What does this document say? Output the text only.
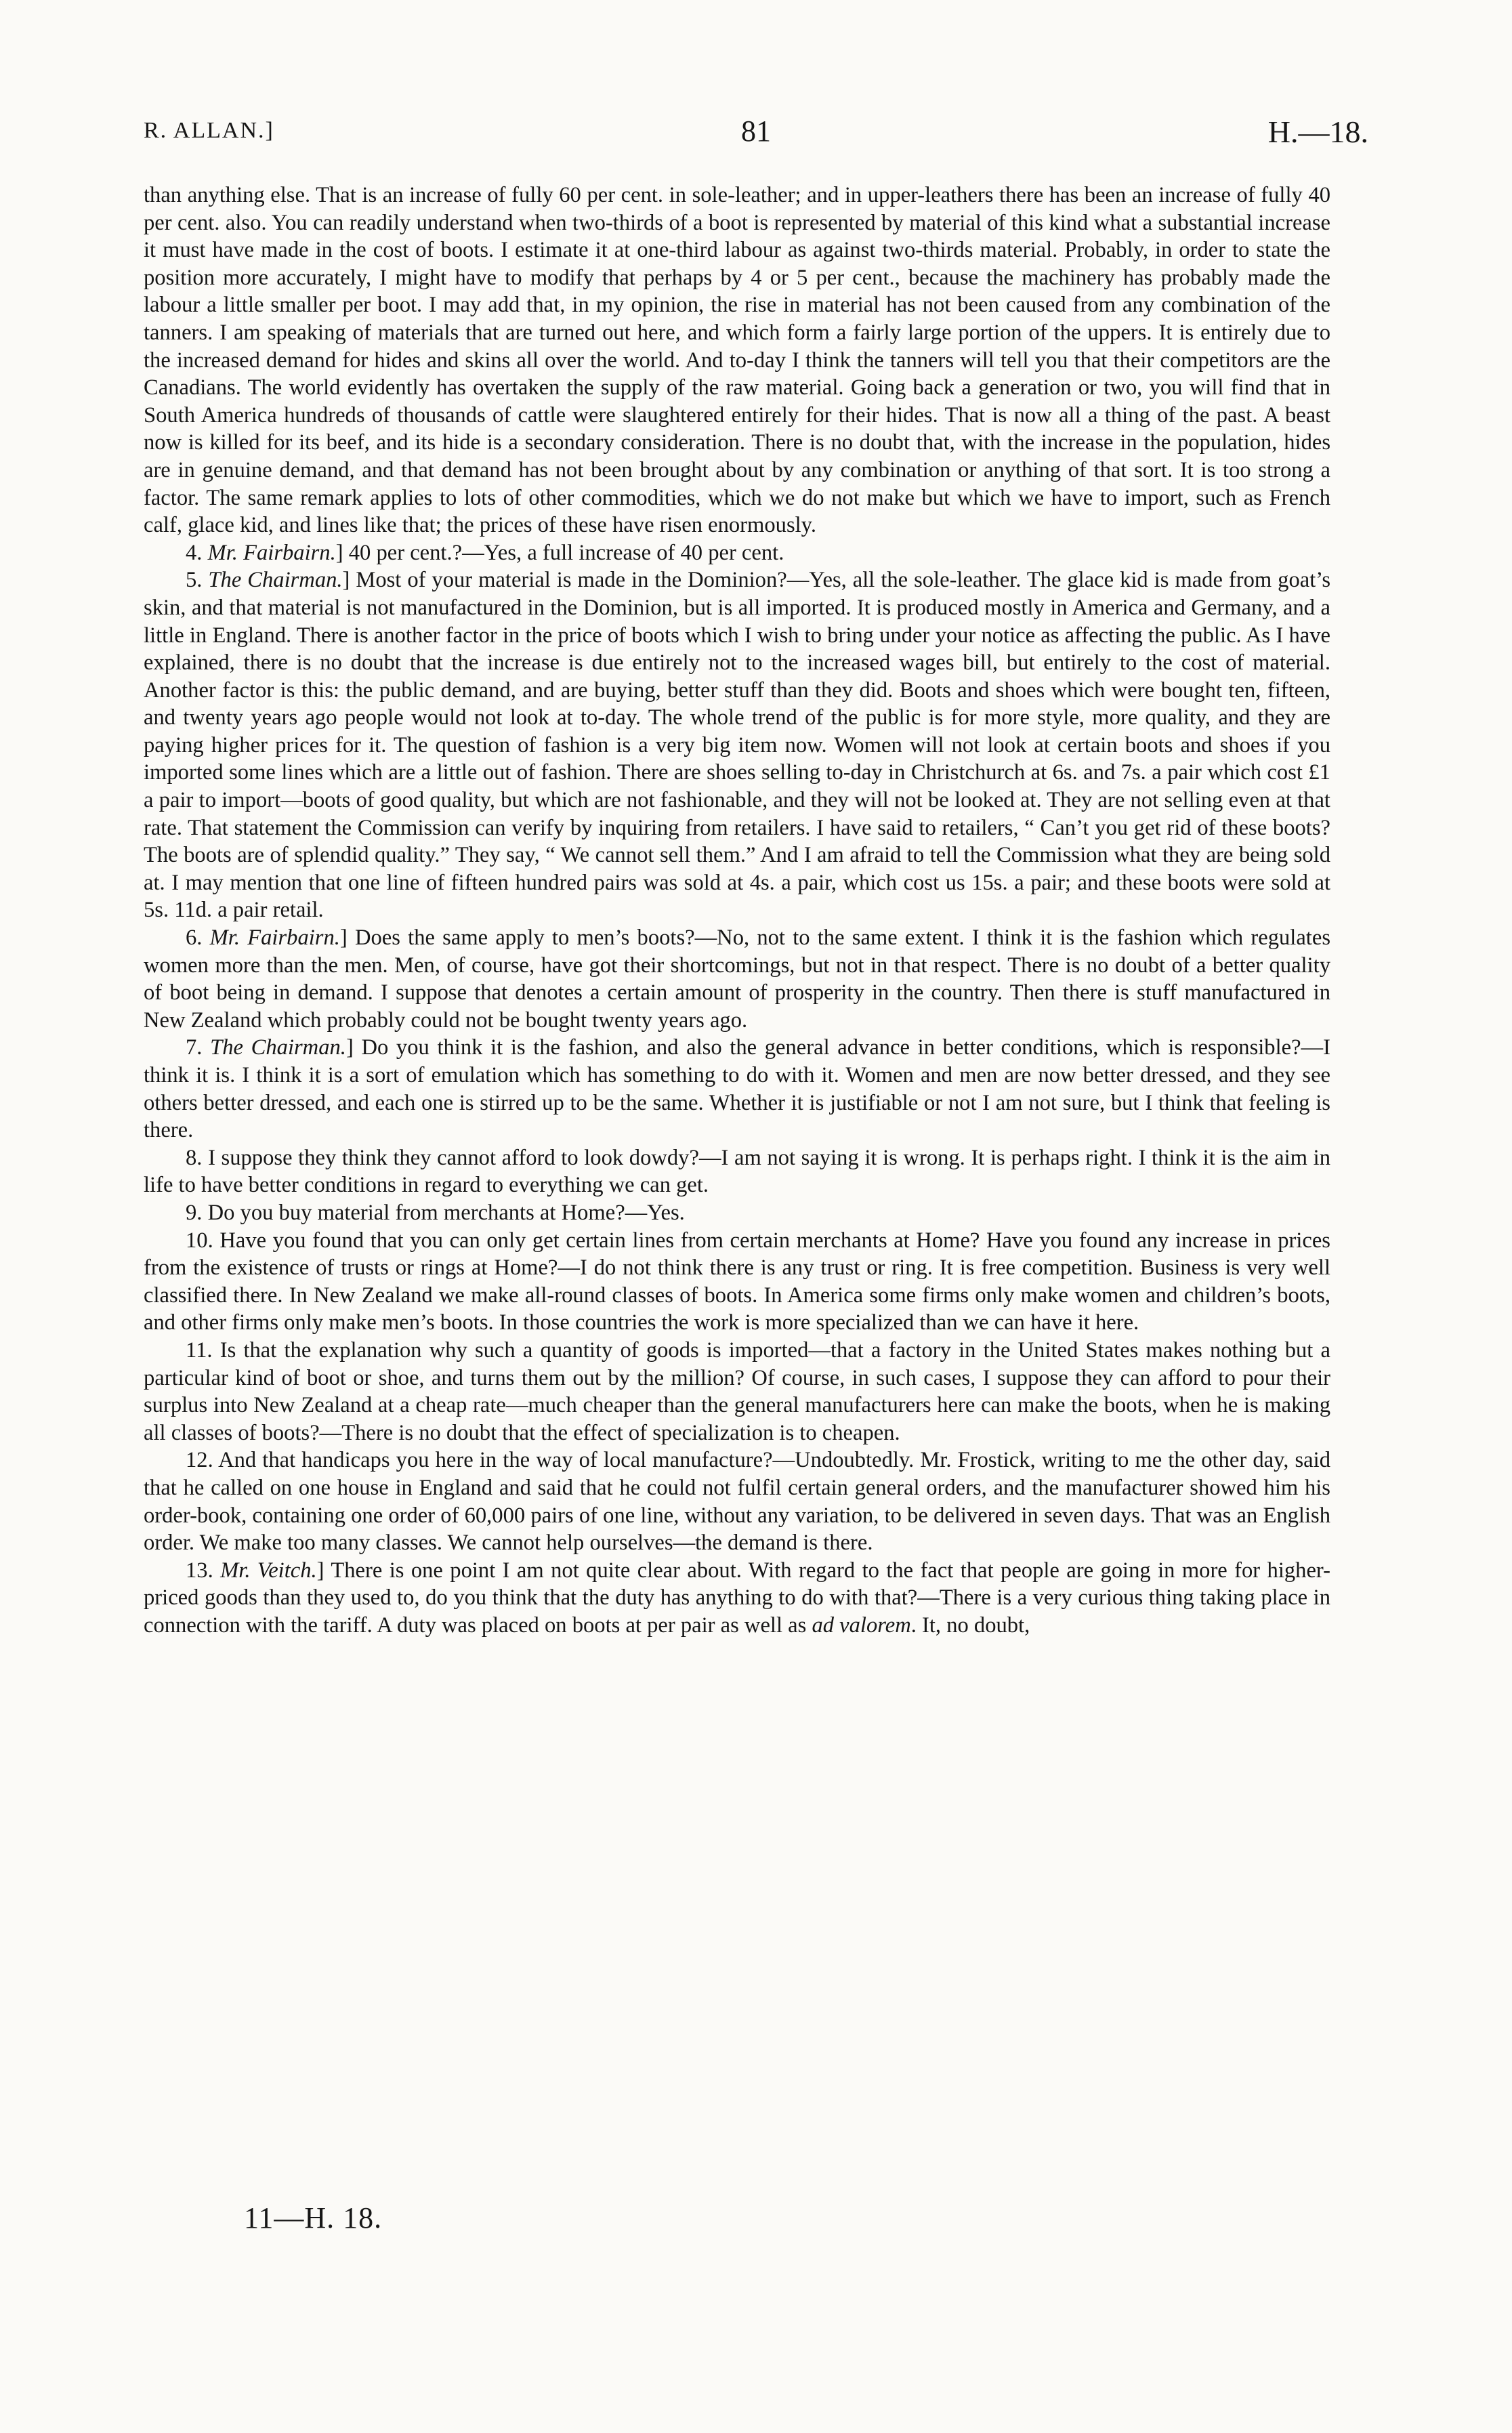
R. ALLAN.]	81	H.—18.

than anything else. That is an increase of fully 60 per cent. in sole-leather; and in upper-leathers there has been an increase of fully 40 per cent. also. You can readily understand when two-thirds of a boot is represented by material of this kind what a substantial increase it must have made in the cost of boots. I estimate it at one-third labour as against two-thirds material. Probably, in order to state the position more accurately, I might have to modify that perhaps by 4 or 5 per cent., because the machinery has probably made the labour a little smaller per boot. I may add that, in my opinion, the rise in material has not been caused from any combination of the tanners. I am speaking of materials that are turned out here, and which form a fairly large portion of the uppers. It is entirely due to the increased demand for hides and skins all over the world. And to-day I think the tanners will tell you that their competitors are the Canadians. The world evidently has overtaken the supply of the raw material. Going back a generation or two, you will find that in South America hundreds of thousands of cattle were slaughtered entirely for their hides. That is now all a thing of the past. A beast now is killed for its beef, and its hide is a secondary consideration. There is no doubt that, with the increase in the population, hides are in genuine demand, and that demand has not been brought about by any combination or anything of that sort. It is too strong a factor. The same remark applies to lots of other commodities, which we do not make but which we have to import, such as French calf, glace kid, and lines like that; the prices of these have risen enormously.

4. Mr. Fairbairn.] 40 per cent.?—Yes, a full increase of 40 per cent.

5. The Chairman.] Most of your material is made in the Dominion?—Yes, all the sole-leather. The glace kid is made from goat’s skin, and that material is not manufactured in the Dominion, but is all imported. It is produced mostly in America and Germany, and a little in England. There is another factor in the price of boots which I wish to bring under your notice as affecting the public. As I have explained, there is no doubt that the increase is due entirely not to the increased wages bill, but entirely to the cost of material. Another factor is this: the public demand, and are buying, better stuff than they did. Boots and shoes which were bought ten, fifteen, and twenty years ago people would not look at to-day. The whole trend of the public is for more style, more quality, and they are paying higher prices for it. The question of fashion is a very big item now. Women will not look at certain boots and shoes if you imported some lines which are a little out of fashion. There are shoes selling to-day in Christchurch at 6s. and 7s. a pair which cost £1 a pair to import—boots of good quality, but which are not fashionable, and they will not be looked at. They are not selling even at that rate. That statement the Commission can verify by inquiring from retailers. I have said to retailers, “ Can’t you get rid of these boots? The boots are of splendid quality.” They say, “ We cannot sell them.” And I am afraid to tell the Commission what they are being sold at. I may mention that one line of fifteen hundred pairs was sold at 4s. a pair, which cost us 15s. a pair; and these boots were sold at 5s. 11d. a pair retail.

6. Mr. Fairbairn.] Does the same apply to men’s boots?—No, not to the same extent. I think it is the fashion which regulates women more than the men. Men, of course, have got their shortcomings, but not in that respect. There is no doubt of a better quality of boot being in demand. I suppose that denotes a certain amount of prosperity in the country. Then there is stuff manufactured in New Zealand which probably could not be bought twenty years ago.

7. The Chairman.] Do you think it is the fashion, and also the general advance in better conditions, which is responsible?—I think it is. I think it is a sort of emulation which has something to do with it. Women and men are now better dressed, and they see others better dressed, and each one is stirred up to be the same. Whether it is justifiable or not I am not sure, but I think that feeling is there.

8. I suppose they think they cannot afford to look dowdy?—I am not saying it is wrong. It is perhaps right. I think it is the aim in life to have better conditions in regard to everything we can get.

9. Do you buy material from merchants at Home?—Yes.

10. Have you found that you can only get certain lines from certain merchants at Home? Have you found any increase in prices from the existence of trusts or rings at Home?—I do not think there is any trust or ring. It is free competition. Business is very well classified there. In New Zealand we make all-round classes of boots. In America some firms only make women and children’s boots, and other firms only make men’s boots. In those countries the work is more specialized than we can have it here.

11. Is that the explanation why such a quantity of goods is imported—that a factory in the United States makes nothing but a particular kind of boot or shoe, and turns them out by the million? Of course, in such cases, I suppose they can afford to pour their surplus into New Zealand at a cheap rate—much cheaper than the general manufacturers here can make the boots, when he is making all classes of boots?—There is no doubt that the effect of specialization is to cheapen.

12. And that handicaps you here in the way of local manufacture?—Undoubtedly. Mr. Frostick, writing to me the other day, said that he called on one house in England and said that he could not fulfil certain general orders, and the manufacturer showed him his order-book, containing one order of 60,000 pairs of one line, without any variation, to be delivered in seven days. That was an English order. We make too many classes. We cannot help ourselves—the demand is there.

13. Mr. Veitch.] There is one point I am not quite clear about. With regard to the fact that people are going in more for higher-priced goods than they used to, do you think that the duty has anything to do with that?—There is a very curious thing taking place in connection with the tariff. A duty was placed on boots at per pair as well as ad valorem. It, no doubt,

11—H. 18.
